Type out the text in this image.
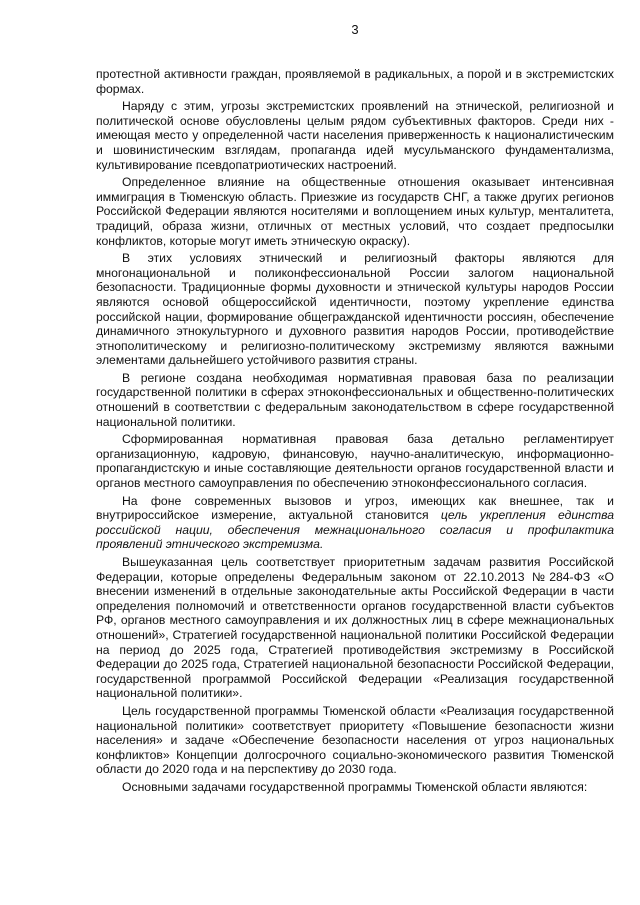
3

протестной активности граждан, проявляемой в радикальных, а порой и в экстремистских формах.

Наряду с этим, угрозы экстремистских проявлений на этнической, религиозной и политической основе обусловлены целым рядом субъективных факторов. Среди них - имеющая место у определенной части населения приверженность к националистическим и шовинистическим взглядам, пропаганда идей мусульманского фундаментализма, культивирование псевдопатриотических настроений.

Определенное влияние на общественные отношения оказывает интенсивная иммиграция в Тюменскую область. Приезжие из государств СНГ, а также других регионов Российской Федерации являются носителями и воплощением иных культур, менталитета, традиций, образа жизни, отличных от местных условий, что создает предпосылки конфликтов, которые могут иметь этническую окраску).

В этих условиях этнический и религиозный факторы являются для многонациональной и поликонфессиональной России залогом национальной безопасности. Традиционные формы духовности и этнической культуры народов России являются основой общероссийской идентичности, поэтому укрепление единства российской нации, формирование общегражданской идентичности россиян, обеспечение динамичного этнокультурного и духовного развития народов России, противодействие этнополитическому и религиозно-политическому экстремизму являются важными элементами дальнейшего устойчивого развития страны.

В регионе создана необходимая нормативная правовая база по реализации государственной политики в сферах этноконфессиональных и общественно-политических отношений в соответствии с федеральным законодательством в сфере государственной национальной политики.

Сформированная нормативная правовая база детально регламентирует организационную, кадровую, финансовую, научно-аналитическую, информационно-пропагандистскую и иные составляющие деятельности органов государственной власти и органов местного самоуправления по обеспечению этноконфессионального согласия.

На фоне современных вызовов и угроз, имеющих как внешнее, так и внутрироссийское измерение, актуальной становится цель укрепления единства российской нации, обеспечения межнационального согласия и профилактика проявлений этнического экстремизма.

Вышеуказанная цель соответствует приоритетным задачам развития Российской Федерации, которые определены Федеральным законом от 22.10.2013 №284-ФЗ «О внесении изменений в отдельные законодательные акты Российской Федерации в части определения полномочий и ответственности органов государственной власти субъектов РФ, органов местного самоуправления и их должностных лиц в сфере межнациональных отношений», Стратегией государственной национальной политики Российской Федерации на период до 2025 года, Стратегией противодействия экстремизму в Российской Федерации до 2025 года, Стратегией национальной безопасности Российской Федерации, государственной программой Российской Федерации «Реализация государственной национальной политики».

Цель государственной программы Тюменской области «Реализация государственной национальной политики» соответствует приоритету «Повышение безопасности жизни населения» и задаче «Обеспечение безопасности населения от угроз национальных конфликтов» Концепции долгосрочного социально-экономического развития Тюменской области до 2020 года и на перспективу до 2030 года.

Основными задачами государственной программы Тюменской области являются:
